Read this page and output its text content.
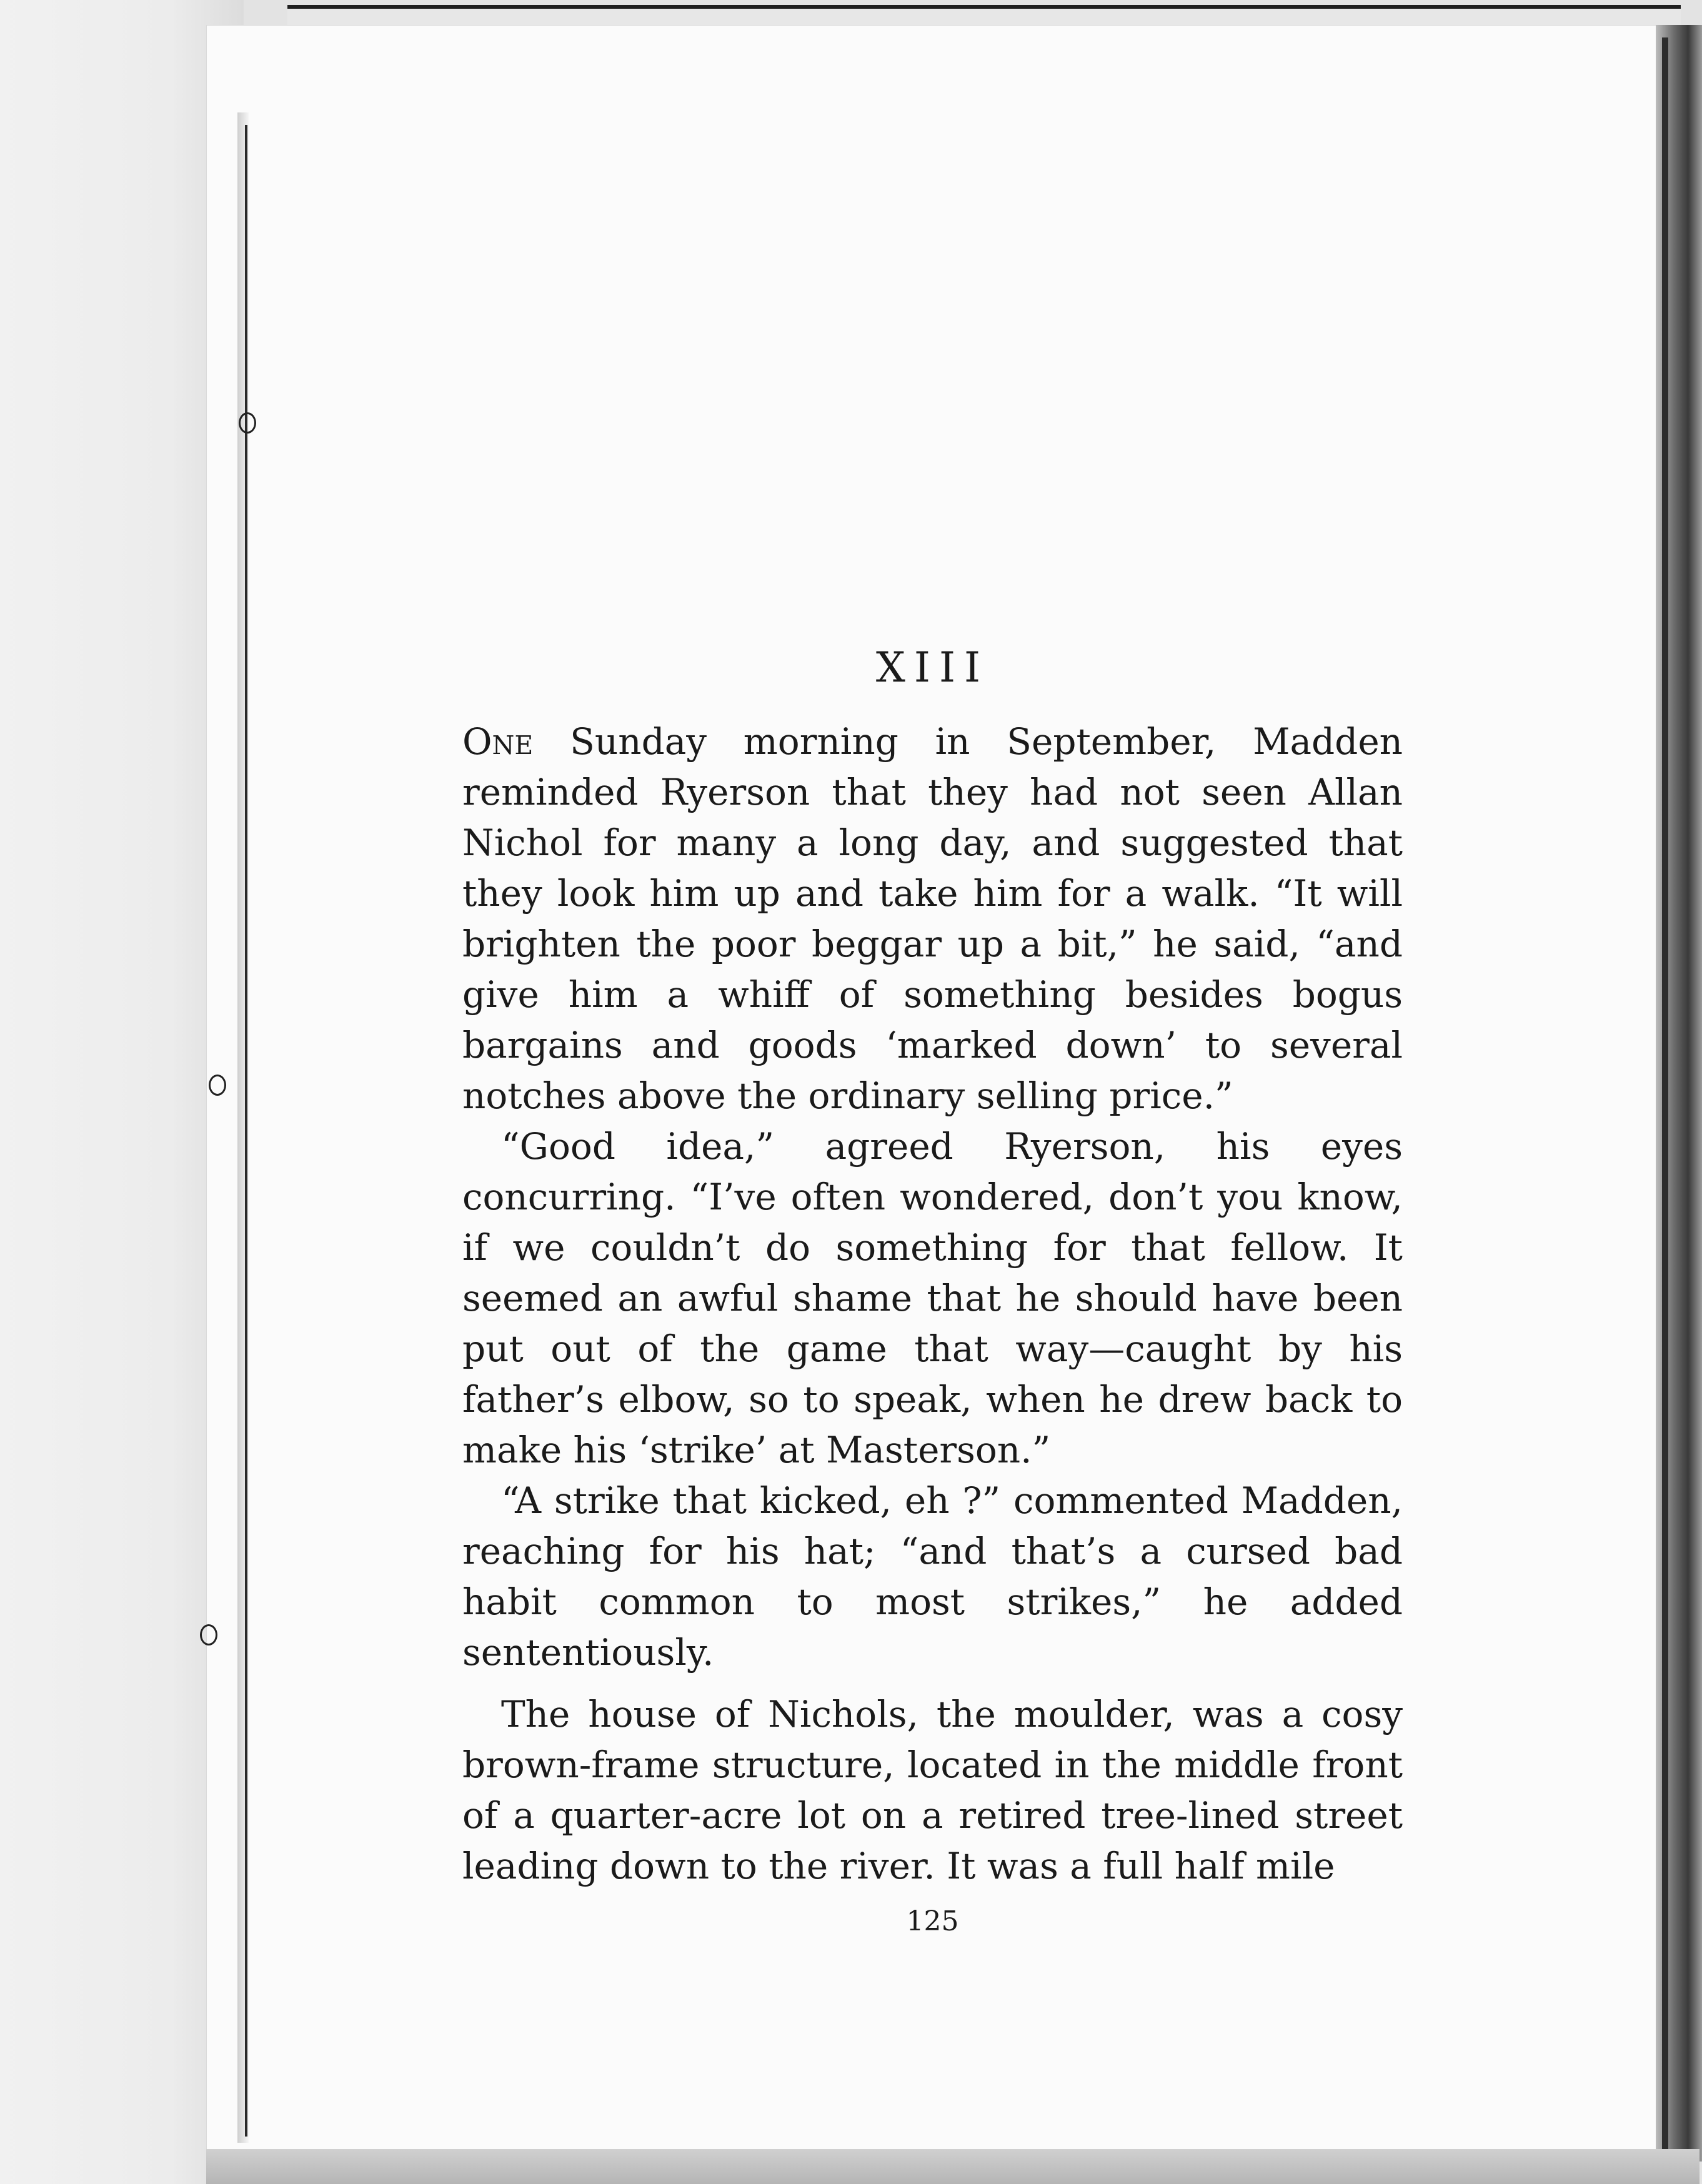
XIII

One Sunday morning in September, Madden reminded Ryerson that they had not seen Allan Nichol for many a long day, and suggested that they look him up and take him for a walk. “It will brighten the poor beggar up a bit,” he said, “and give him a whiff of something besides bogus bargains and goods ‘marked down’ to several notches above the ordinary selling price.”

“Good idea,” agreed Ryerson, his eyes concurring. “I’ve often wondered, don’t you know, if we couldn’t do something for that fellow. It seemed an awful shame that he should have been put out of the game that way—caught by his father’s elbow, so to speak, when he drew back to make his ‘strike’ at Masterson.”

“A strike that kicked, eh ?” commented Madden, reaching for his hat; “and that’s a cursed bad habit common to most strikes,” he added sententiously.

The house of Nichols, the moulder, was a cosy brown-frame structure, located in the middle front of a quarter-acre lot on a retired tree-lined street leading down to the river. It was a full half mile

125
